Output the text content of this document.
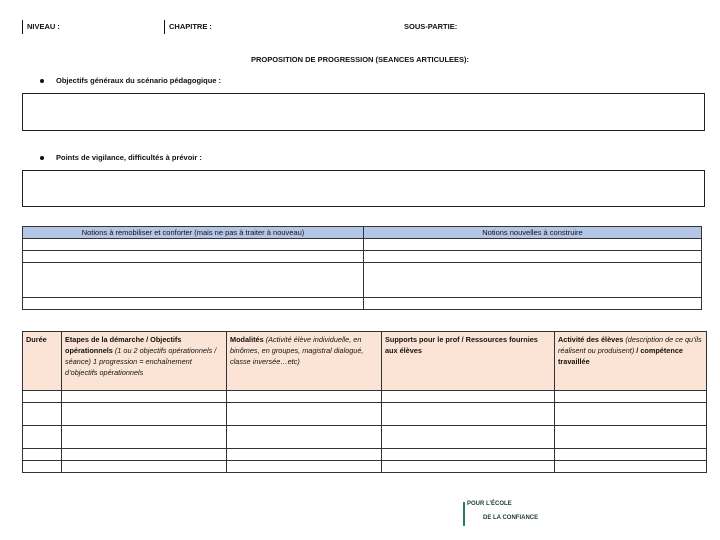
NIVEAU :	CHAPITRE :	SOUS-PARTIE:
PROPOSITION DE PROGRESSION (SEANCES ARTICULEES):
Objectifs généraux du scénario pédagogique :
Points de vigilance, difficultés à prévoir :
Notions à remobiliser et conforter (mais ne pas à traiter à nouveau)	Notions nouvelles à construire

Durée	Etapes de la démarche / Objectifs opérationnels (1 ou 2 objectifs opérationnels / séance) 1 progression = enchaînement d’objectifs opérationnels	Modalités (Activité élève individuelle, en binômes, en groupes, magistral dialogué, classe inversée…etc)	Supports pour le prof / Ressources fournies aux élèves	Activité des élèves (description de ce qu’ils réalisent ou produisent) / compétence travaillée

POUR L’ÉCOLE
DE LA CONFIANCE
